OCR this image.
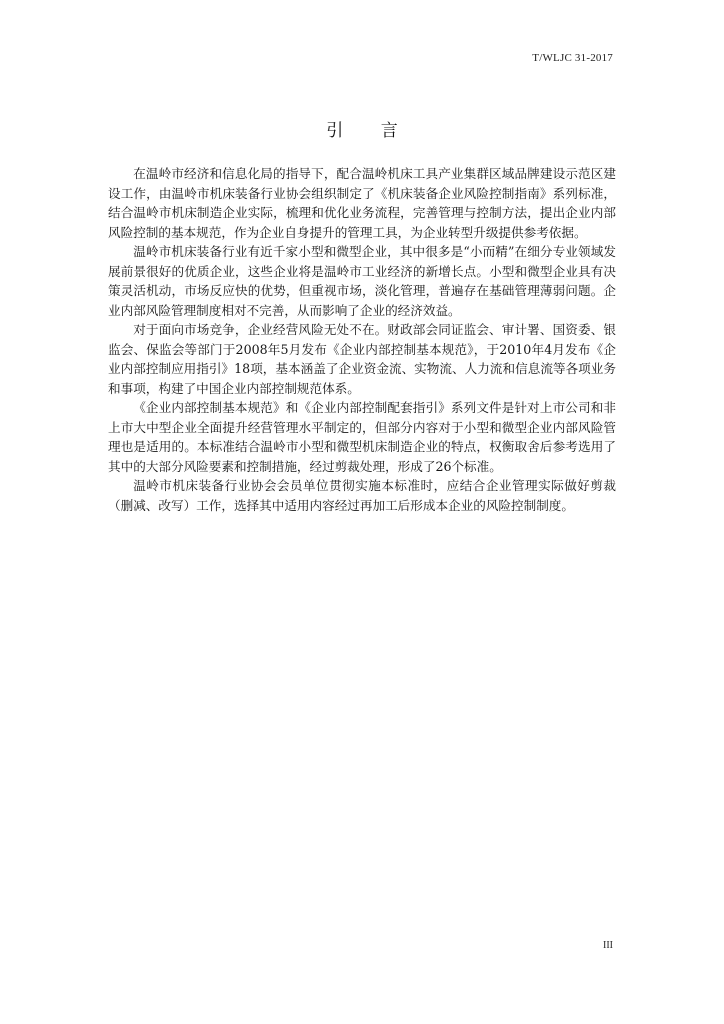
T/WLJC 31-2017
引 言

在温岭市经济和信息化局的指导下，配合温岭机床工具产业集群区域品牌建设示范区建设工作，由温岭市机床装备行业协会组织制定了《机床装备企业风险控制指南》系列标准，结合温岭市机床制造企业实际，梳理和优化业务流程，完善管理与控制方法，提出企业内部风险控制的基本规范，作为企业自身提升的管理工具，为企业转型升级提供参考依据。

温岭市机床装备行业有近千家小型和微型企业，其中很多是“小而精”在细分专业领域发展前景很好的优质企业，这些企业将是温岭市工业经济的新增长点。小型和微型企业具有决策灵活机动，市场反应快的优势，但重视市场，淡化管理，普遍存在基础管理薄弱问题。企业内部风险管理制度相对不完善，从而影响了企业的经济效益。

对于面向市场竞争，企业经营风险无处不在。财政部会同证监会、审计署、国资委、银监会、保监会等部门于2008年5月发布《企业内部控制基本规范》，于2010年4月发布《企业内部控制应用指引》18项，基本涵盖了企业资金流、实物流、人力流和信息流等各项业务和事项，构建了中国企业内部控制规范体系。

《企业内部控制基本规范》和《企业内部控制配套指引》系列文件是针对上市公司和非上市大中型企业全面提升经营管理水平制定的，但部分内容对于小型和微型企业内部风险管理也是适用的。本标准结合温岭市小型和微型机床制造企业的特点，权衡取舍后参考选用了其中的大部分风险要素和控制措施，经过剪裁处理，形成了26个标准。

温岭市机床装备行业协会会员单位贯彻实施本标准时，应结合企业管理实际做好剪裁（删减、改写）工作，选择其中适用内容经过再加工后形成本企业的风险控制制度。

III
